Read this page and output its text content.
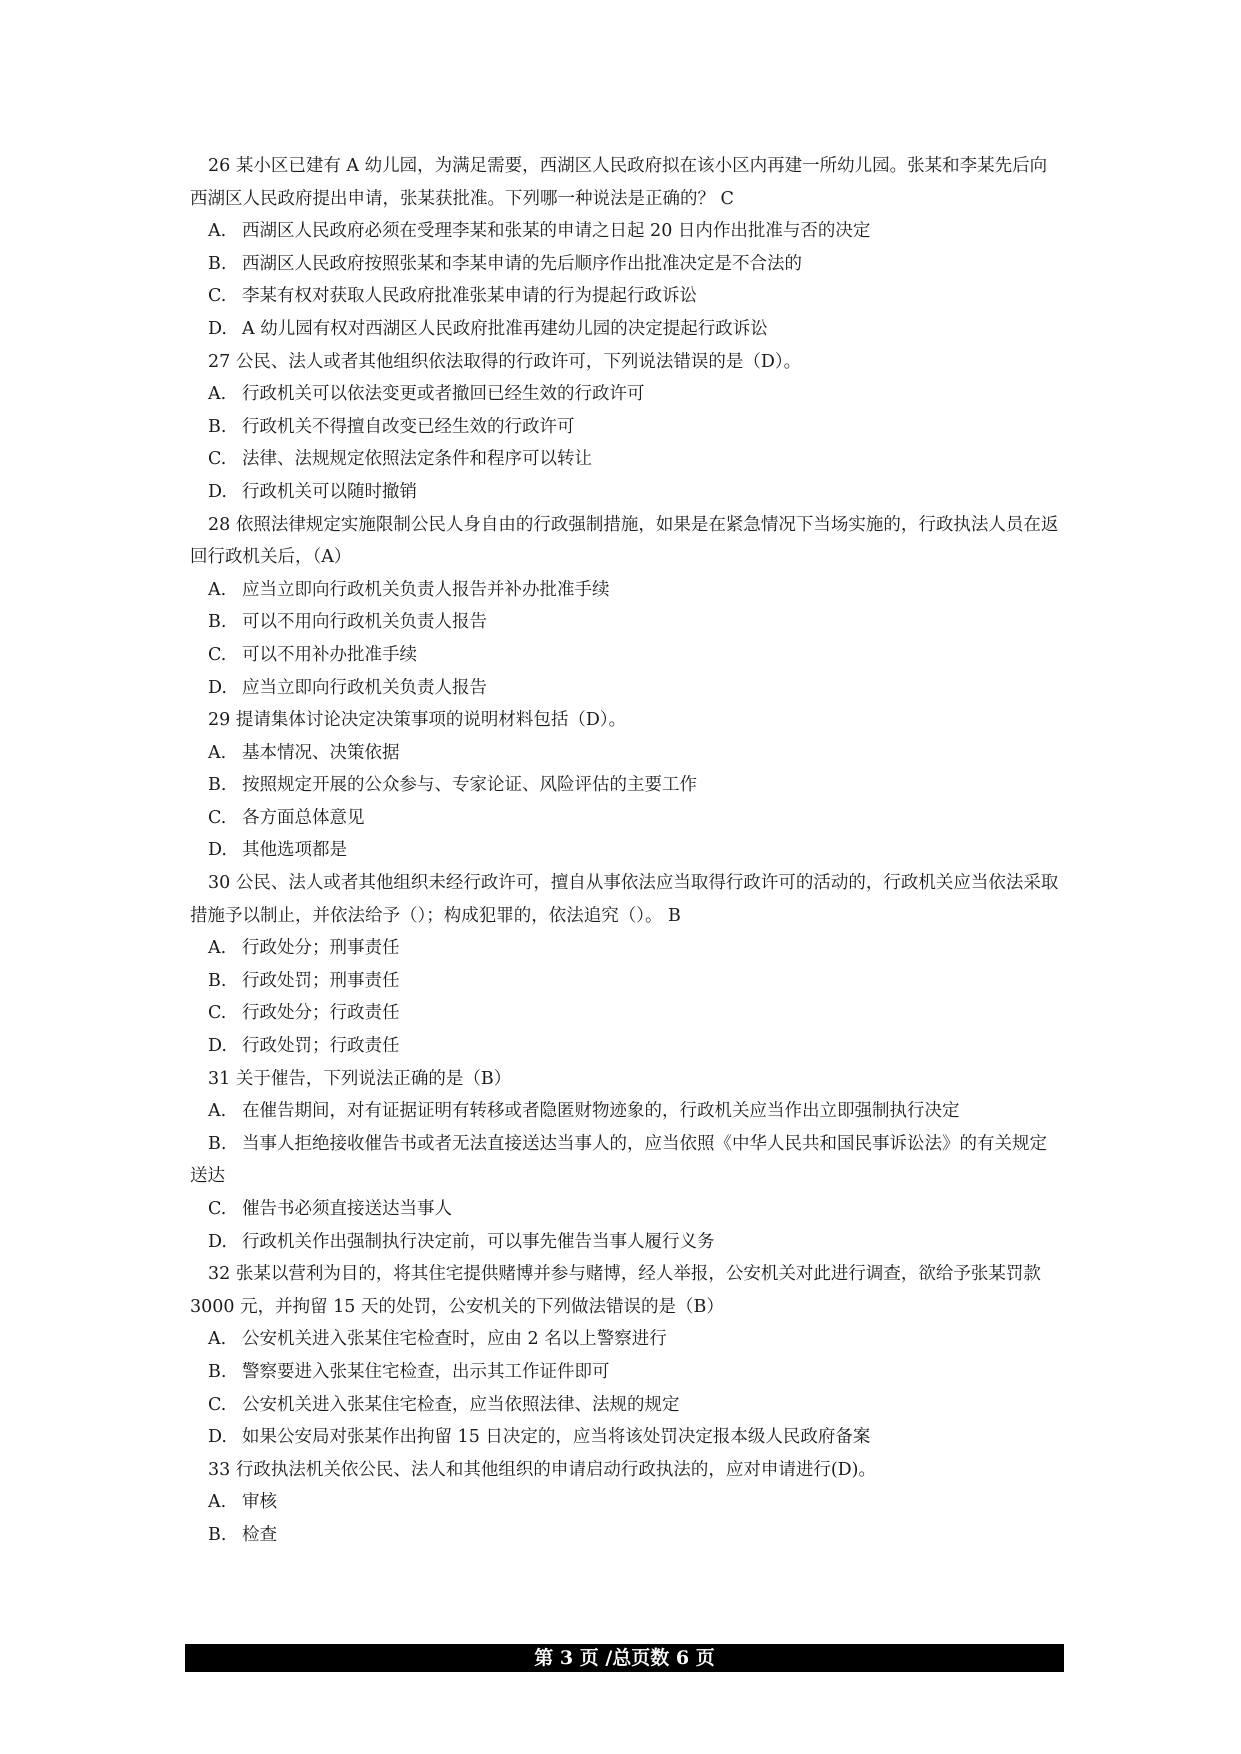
26 某小区已建有 A 幼儿园，为满足需要，西湖区人民政府拟在该小区内再建一所幼儿园。张某和李某先后向西湖区人民政府提出申请，张某获批准。下列哪一种说法是正确的？ C

A. 西湖区人民政府必须在受理李某和张某的申请之日起 20 日内作出批准与否的决定

B. 西湖区人民政府按照张某和李某申请的先后顺序作出批准决定是不合法的

C. 李某有权对获取人民政府批准张某申请的行为提起行政诉讼

D. A 幼儿园有权对西湖区人民政府批准再建幼儿园的决定提起行政诉讼

27 公民、法人或者其他组织依法取得的行政许可，下列说法错误的是（D）。

A. 行政机关可以依法变更或者撤回已经生效的行政许可

B. 行政机关不得擅自改变已经生效的行政许可

C. 法律、法规规定依照法定条件和程序可以转让

D. 行政机关可以随时撤销

28 依照法律规定实施限制公民人身自由的行政强制措施，如果是在紧急情况下当场实施的，行政执法人员在返回行政机关后，（A）

A. 应当立即向行政机关负责人报告并补办批准手续

B. 可以不用向行政机关负责人报告

C. 可以不用补办批准手续

D. 应当立即向行政机关负责人报告

29 提请集体讨论决定决策事项的说明材料包括（D）。

A. 基本情况、决策依据

B. 按照规定开展的公众参与、专家论证、风险评估的主要工作

C. 各方面总体意见

D. 其他选项都是

30 公民、法人或者其他组织未经行政许可，擅自从事依法应当取得行政许可的活动的，行政机关应当依法采取措施予以制止，并依法给予（）；构成犯罪的，依法追究（）。 B

A. 行政处分；刑事责任

B. 行政处罚；刑事责任

C. 行政处分；行政责任

D. 行政处罚；行政责任

31 关于催告，下列说法正确的是（B）

A. 在催告期间，对有证据证明有转移或者隐匿财物迹象的，行政机关应当作出立即强制执行决定

B. 当事人拒绝接收催告书或者无法直接送达当事人的，应当依照《中华人民共和国民事诉讼法》的有关规定送达

C. 催告书必须直接送达当事人

D. 行政机关作出强制执行决定前，可以事先催告当事人履行义务

32 张某以营利为目的，将其住宅提供赌博并参与赌博，经人举报，公安机关对此进行调查，欲给予张某罚款 3000 元，并拘留 15 天的处罚，公安机关的下列做法错误的是（B）

A. 公安机关进入张某住宅检查时，应由 2 名以上警察进行

B. 警察要进入张某住宅检查，出示其工作证件即可

C. 公安机关进入张某住宅检查，应当依照法律、法规的规定

D. 如果公安局对张某作出拘留 15 日决定的，应当将该处罚决定报本级人民政府备案

33 行政执法机关依公民、法人和其他组织的申请启动行政执法的，应对申请进行(D)。

A. 审核

B. 检查

第 3 页 /总页数 6 页
